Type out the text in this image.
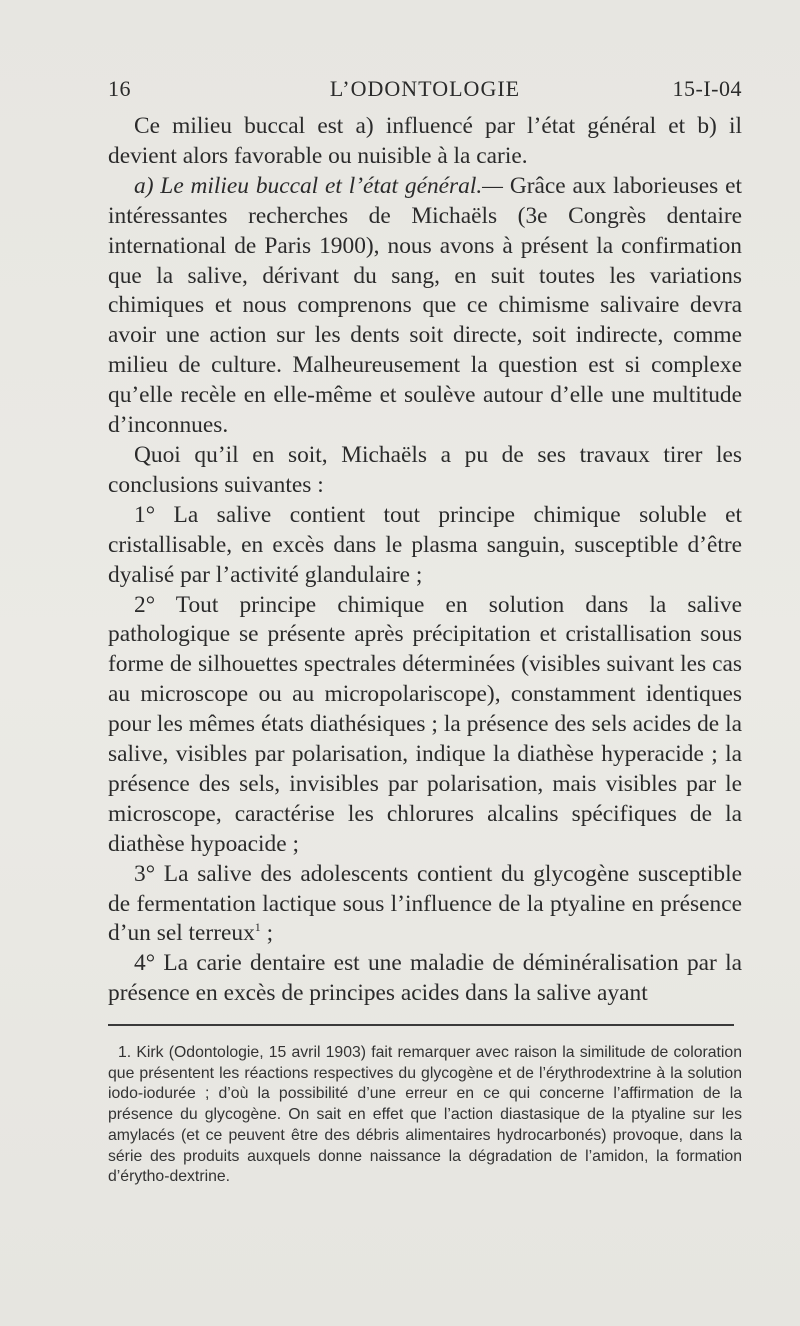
16	L’ODONTOLOGIE	15-I-04

Ce milieu buccal est a) influencé par l’état général et b) il devient alors favorable ou nuisible à la carie.

a) Le milieu buccal et l’état général.— Grâce aux laborieuses et intéressantes recherches de Michaëls (3e Congrès dentaire international de Paris 1900), nous avons à présent la confirmation que la salive, dérivant du sang, en suit toutes les variations chimiques et nous comprenons que ce chimisme salivaire devra avoir une action sur les dents soit directe, soit indirecte, comme milieu de culture. Malheureusement la question est si complexe qu’elle recèle en elle-même et soulève autour d’elle une multitude d’inconnues.

Quoi qu’il en soit, Michaëls a pu de ses travaux tirer les conclusions suivantes :

1° La salive contient tout principe chimique soluble et cristallisable, en excès dans le plasma sanguin, susceptible d’être dyalisé par l’activité glandulaire ;

2° Tout principe chimique en solution dans la salive pathologique se présente après précipitation et cristallisation sous forme de silhouettes spectrales déterminées (visibles suivant les cas au microscope ou au micropolariscope), constamment identiques pour les mêmes états diathésiques ; la présence des sels acides de la salive, visibles par polarisation, indique la diathèse hyperacide ; la présence des sels, invisibles par polarisation, mais visibles par le microscope, caractérise les chlorures alcalins spécifiques de la diathèse hypoacide ;

3° La salive des adolescents contient du glycogène susceptible de fermentation lactique sous l’influence de la ptyaline en présence d’un sel terreux$^1$ ;

4° La carie dentaire est une maladie de déminéralisation par la présence en excès de principes acides dans la salive ayant

1. Kirk (Odontologie, 15 avril 1903) fait remarquer avec raison la similitude de coloration que présentent les réactions respectives du glycogène et de l’érythrodextrine à la solution iodo-iodurée ; d’où la possibilité d’une erreur en ce qui concerne l’affirmation de la présence du glycogène. On sait en effet que l’action diastasique de la ptyaline sur les amylacés (et ce peuvent être des débris alimentaires hydrocarbonés) provoque, dans la série des produits auxquels donne naissance la dégradation de l’amidon, la formation d’érytho-dextrine.
